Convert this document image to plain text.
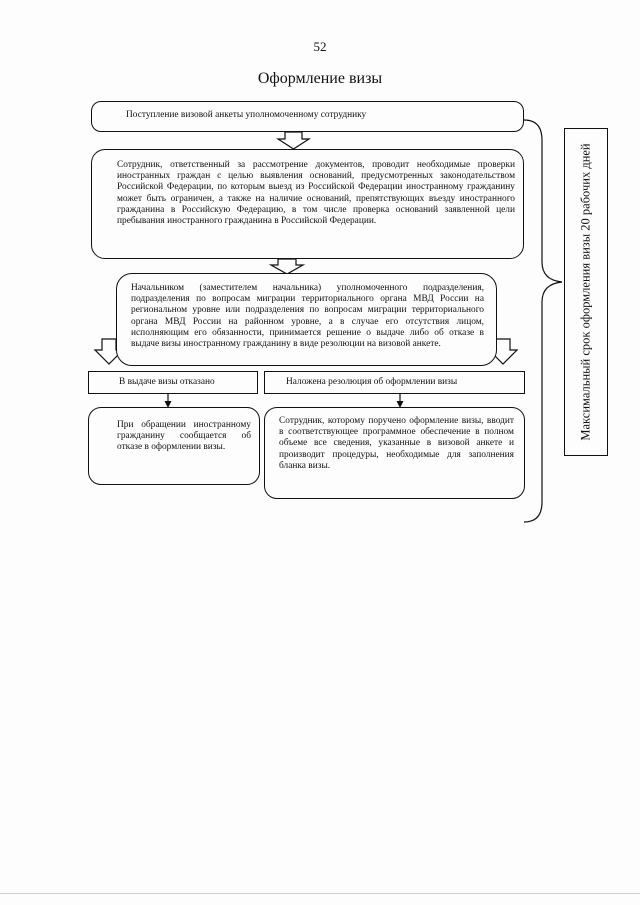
52
Оформление визы
Поступление визовой анкеты уполномоченному сотруднику
Сотрудник, ответственный за рассмотрение документов, проводит необходимые проверки иностранных граждан с целью выявления оснований, предусмотренных законодательством Российской Федерации, по которым выезд из Российской Федерации иностранному гражданину может быть ограничен, а также на наличие оснований, препятствующих въезду иностранного гражданина в Российскую Федерацию, в том числе проверка оснований заявленной цели пребывания иностранного гражданина в Российской Федерации.
Начальником (заместителем начальника) уполномоченного подразделения, подразделения по вопросам миграции территориального органа МВД России на региональном уровне или подразделения по вопросам миграции территориального органа МВД России на районном уровне, а в случае его отсутствия лицом, исполняющим его обязанности, принимается решение о выдаче либо об отказе в выдаче визы иностранному гражданину в виде резолюции на визовой анкете.
В выдаче визы отказано	Наложена резолюция об оформлении визы
При обращении иностранному гражданину сообщается об отказе в оформлении визы.
Сотрудник, которому поручено оформление визы, вводит в соответствующее программное обеспечение в полном объеме все сведения, указанные в визовой анкете и производит процедуры, необходимые для заполнения бланка визы.
Максимальный срок оформления визы 20 рабочих дней
